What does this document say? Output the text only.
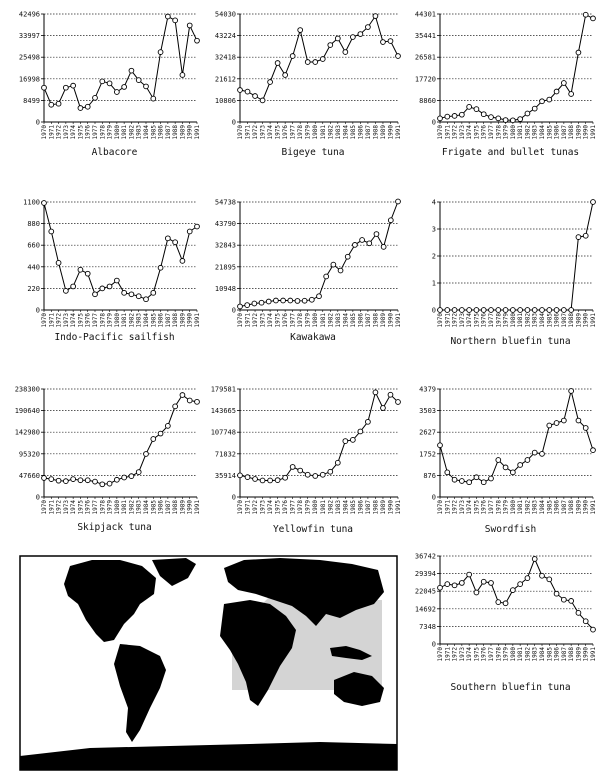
0
8499
16998
25498
33997
42496
1970 1971 1972 1973 1974 1975 1976 1977 1978 1979 1980 1981 1982 1983 1984 1985 1986 1987 1988 1989 1990 1991
Albacore
0
10806
21612
32418
43224
54030
1970 1971 1972 1973 1974 1975 1976 1977 1978 1979 1980 1981 1982 1983 1984 1985 1986 1987 1988 1989 1990 1991
Bigeye tuna
0
8860
17720
26581
35441
44301
1970 1971 1972 1973 1974 1975 1976 1977 1978 1979 1980 1981 1982 1983 1984 1985 1986 1987 1988 1989 1990 1991
Frigate and bullet tunas
0
220
440
660
880
1100
1970 1971 1972 1973 1974 1975 1976 1977 1978 1979 1980 1981 1982 1983 1984 1985 1986 1987 1988 1989 1990 1991
Indo-Pacific sailfish
0
10948
21895
32843
43790
54738
1970 1971 1972 1973 1974 1975 1976 1977 1978 1979 1980 1981 1982 1983 1984 1985 1986 1987 1988 1989 1990 1991
Kawakawa
0
1
2
3
4
1970 1971 1972 1973 1974 1975 1976 1977 1978 1979 1980 1981 1982 1983 1984 1985 1986 1987 1988 1989 1990 1991
Northern bluefin tuna
0
47660
95320
142980
190640
238300
1970 1971 1972 1973 1974 1975 1976 1977 1978 1979 1980 1981 1982 1983 1984 1985 1986 1987 1988 1989 1990 1991
Skipjack tuna
0
35914
71832
107748
143665
179581
1970 1971 1972 1973 1974 1975 1976 1977 1978 1979 1980 1981 1982 1983 1984 1985 1986 1987 1988 1989 1990 1991
Yellowfin tuna
0
876
1752
2627
3503
4379
1970 1971 1972 1973 1974 1975 1976 1977 1978 1979 1980 1981 1982 1983 1984 1985 1986 1987 1988 1989 1990 1991
Swordfish
0
7348
14692
22045
29394
36742
1970 1971 1972 1973 1974 1975 1976 1977 1978 1979 1980 1981 1982 1983 1984 1985 1986 1987 1988 1989 1990 1991
Southern bluefin tuna
